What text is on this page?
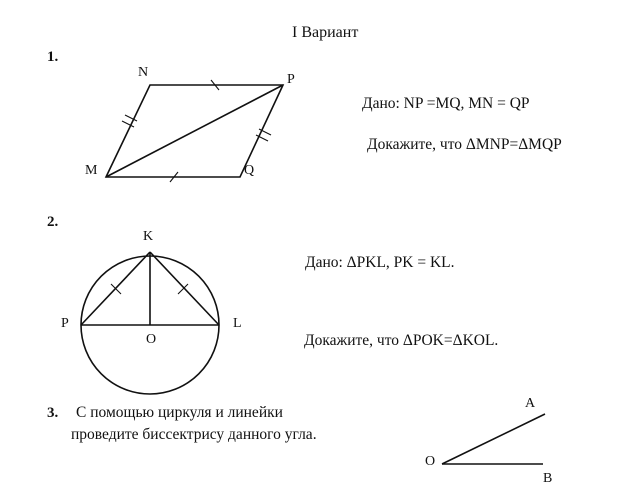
I Вариант
1.
N	P
M	Q
Дано: NP =MQ, MN = QP
Докажите, что ΔMNP=ΔMQP
2.
K
P	L
O
Дано: ΔPKL, PK = KL.
Докажите, что ΔPOK=ΔKOL.
3. С помощью циркуля и линейки
проведите биссектрису данного угла.
A
O
B
